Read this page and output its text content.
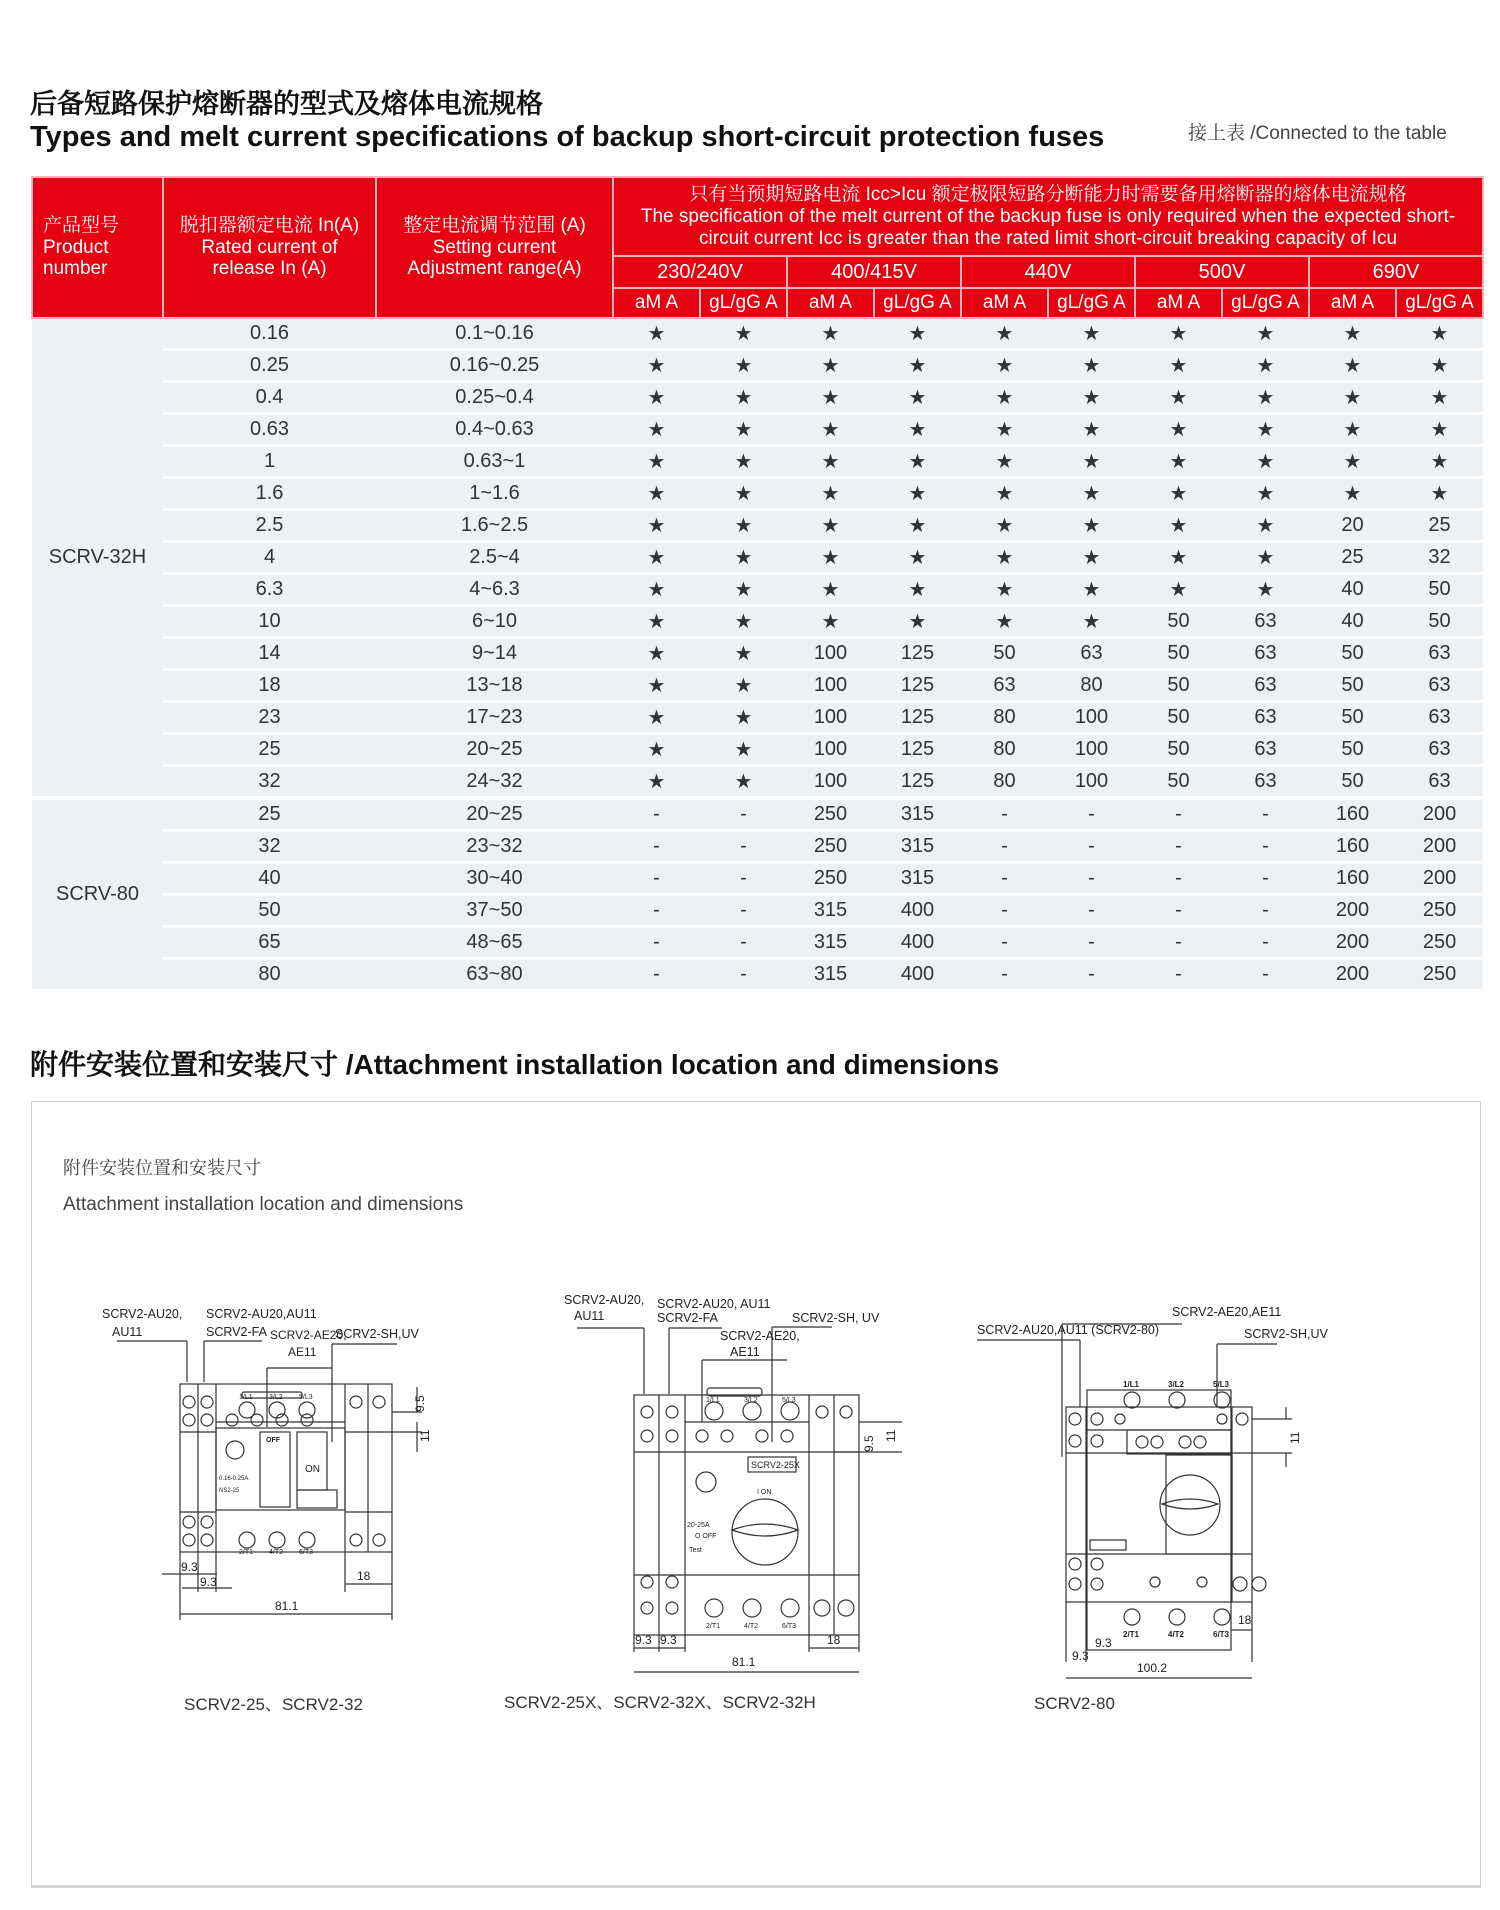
后备短路保护熔断器的型式及熔体电流规格
Types and melt current specifications of backup short-circuit protection fuses	接上表 /Connected to the table
产品型号
Product
number

脱扣器额定电流 In(A)
Rated current of
release In (A)

整定电流调节范围 (A)
Setting current
Adjustment range(A)

只有当预期短路电流 Icc>Icu 额定极限短路分断能力时需要备用熔断器的熔体电流规格
The specification of the melt current of the backup fuse is only required when the expected short-
circuit current Icc is greater than the rated limit short-circuit breaking capacity of Icu

			230/240V		400/415V		440V		500V		690V	
			aM A	gL/gG A	aM A	gL/gG A	aM A	gL/gG A	aM A	gL/gG A	aM A	gL/gG A
SCRV-32H	0.16	0.1~0.16	★	★	★	★	★	★	★	★	★	★
	0.25	0.16~0.25	★	★	★	★	★	★	★	★	★	★
	0.4	0.25~0.4	★	★	★	★	★	★	★	★	★	★
	0.63	0.4~0.63	★	★	★	★	★	★	★	★	★	★
	1	0.63~1	★	★	★	★	★	★	★	★	★	★
	1.6	1~1.6	★	★	★	★	★	★	★	★	★	★
	2.5	1.6~2.5	★	★	★	★	★	★	★	★	20	25
	4	2.5~4	★	★	★	★	★	★	★	★	25	32
	6.3	4~6.3	★	★	★	★	★	★	★	★	40	50
	10	6~10	★	★	★	★	★	★	50	63	40	50
	14	9~14	★	★	100	125	50	63	50	63	50	63
	18	13~18	★	★	100	125	63	80	50	63	50	63
	23	17~23	★	★	100	125	80	100	50	63	50	63
	25	20~25	★	★	100	125	80	100	50	63	50	63
	32	24~32	★	★	100	125	80	100	50	63	50	63
SCRV-80	25	20~25	-	-	250	315	-	-	-	-	160	200
	32	23~32	-	-	250	315	-	-	-	-	160	200
	40	30~40	-	-	250	315	-	-	-	-	160	200
	50	37~50	-	-	315	400	-	-	-	-	200	250
	65	48~65	-	-	315	400	-	-	-	-	200	250
	80	63~80	-	-	315	400	-	-	-	-	200	250
附件安装位置和安装尺寸 /Attachment installation location and dimensions
附件安装位置和安装尺寸
Attachment installation location and dimensions
SCRV2-AU20,
AU11
SCRV2-AU20,AU11
SCRV2-FA SCRV2-AE20,
AE11
SCRV2-SH,UV
1/L1 3/L2 5/L3
2/T1 4/T2 6/T3
OFF
ON
0.16-0.25A
NS2-25
9.5
11
9.3
9.3	18
81.1
SCRV2-25、SCRV2-32
SCRV2-AU20,
AU11
SCRV2-AU20, AU11
SCRV2-FA
SCRV2-AE20,
AE11
SCRV2-SH, UV
1/L1	3/L2	5/L3
2/T1	4/T2	6/T3
SCRV2-25X
I ON
20-25A
O OFF
Test
9.5 11
9.3 9.3	18
81.1
SCRV2-25X、SCRV2-32X、SCRV2-32H
SCRV2-AU20,AU11 (SCRV2-80)
SCRV2-AE20,AE11
SCRV2-SH,UV
1/L1	3/L2	5/L3
2/T1	4/T2	6/T3
11
9.3
9.3
18
100.2
SCRV2-80
